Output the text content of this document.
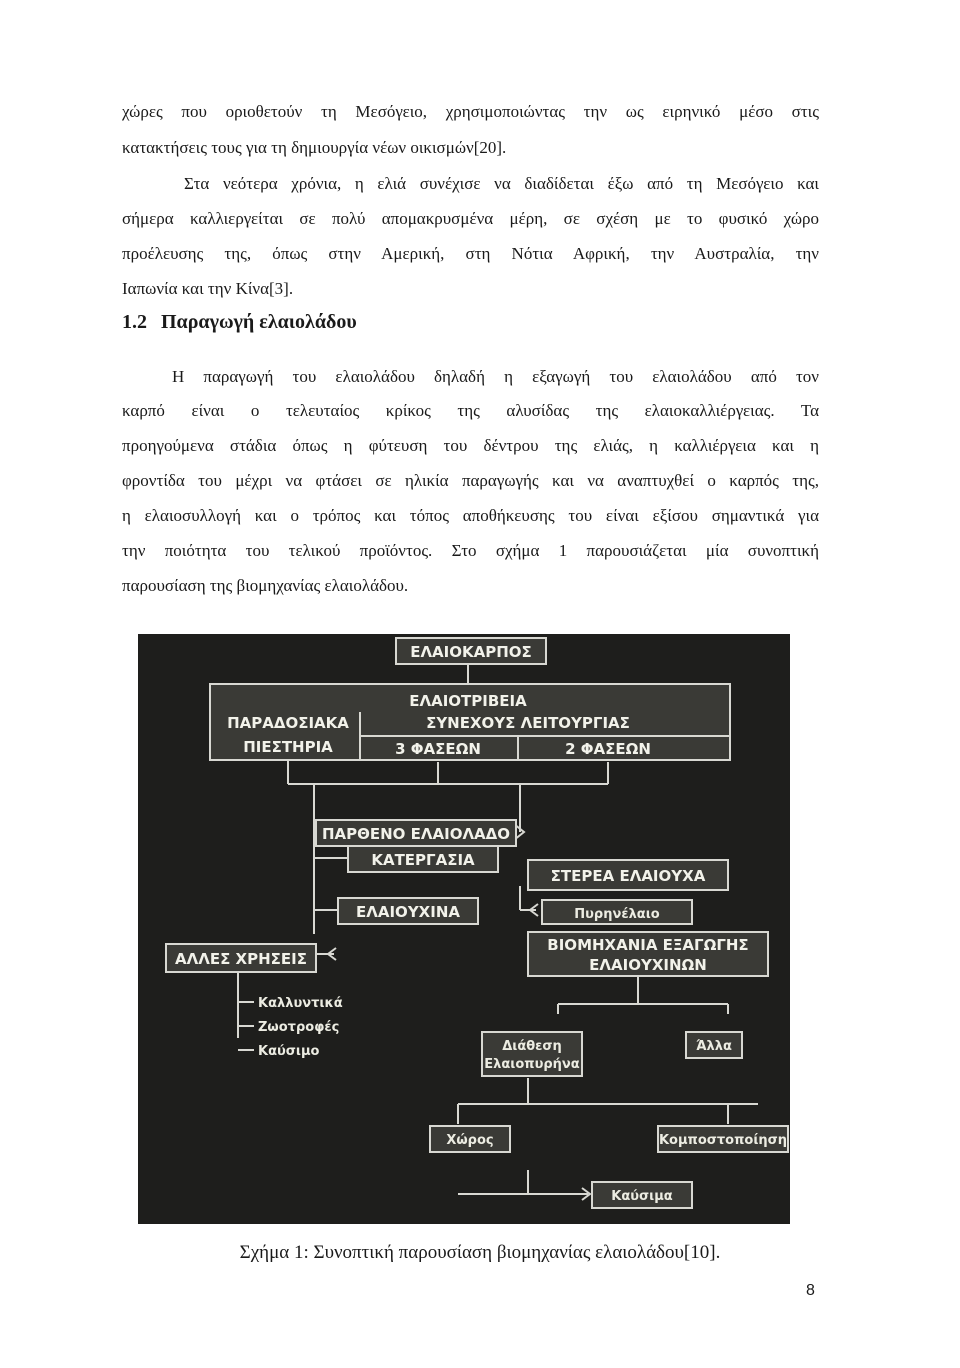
χώρες που οριοθετούν τη Μεσόγειο, χρησιμοποιώντας την ως ειρηνικό μέσο στις
κατακτήσεις τους για τη δημιουργία νέων οικισμών[20].
Στα νεότερα χρόνια, η ελιά συνέχισε να διαδίδεται έξω από τη Μεσόγειο και
σήμερα καλλιεργείται σε πολύ απομακρυσμένα μέρη, σε σχέση με το φυσικό χώρο
προέλευσης της, όπως στην Αμερική, στη Νότια Αφρική, την Αυστραλία, την
Ιαπωνία και την Κίνα[3].
1.2 Παραγωγή ελαιολάδου
Η παραγωγή του ελαιολάδου δηλαδή η εξαγωγή του ελαιολάδου από τον
καρπό είναι ο τελευταίος κρίκος της αλυσίδας της ελαιοκαλλιέργειας. Τα
προηγούμενα στάδια όπως η φύτευση του δέντρου της ελιάς, η καλλιέργεια και η
φροντίδα του μέχρι να φτάσει σε ηλικία παραγωγής και να αναπτυχθεί ο καρπός της,
η ελαιοσυλλογή και ο τρόπος και τόπος αποθήκευσης του είναι εξίσου σημαντικά για
την ποιότητα του τελικού προϊόντος. Στο σχήμα 1 παρουσιάζεται μία συνοπτική
παρουσίαση της βιομηχανίας ελαιολάδου.
ΕΛΑΙΟΚΑΡΠΟΣ
ΕΛΑΙΟΤΡΙΒΕΙΑ
ΠΑΡΑΔΟΣΙΑΚΑ
ΠΙΕΣΤΗΡΙΑ
ΣΥΝΕΧΟΥΣ ΛΕΙΤΟΥΡΓΙΑΣ
3 ΦΑΣΕΩΝ	2 ΦΑΣΕΩΝ
ΠΑΡΘΕΝΟ ΕΛΑΙΟΛΑΔΟ
ΚΑΤΕΡΓΑΣΙΑ
ΣΤΕΡΕΑ ΕΛΑΙΟΥΧΑ
ΕΛΑΙΟΥΧΙΝΑ	Πυρηνέλαιο
ΑΛΛΕΣ ΧΡΗΣΕΙΣ
ΒΙΟΜΗΧΑΝΙΑ ΕΞΑΓΩΓΗΣ
ΕΛΑΙΟΥΧΙΝΩΝ
Καλλυντικά
Ζωοτροφές
Καύσιμο	Διάθεση
Ελαιοπυρήνα
Άλλα
Χώρος	Κομποστοποίηση
Καύσιμα
Σχήμα 1: Συνοπτική παρουσίαση βιομηχανίας ελαιολάδου[10].
8
